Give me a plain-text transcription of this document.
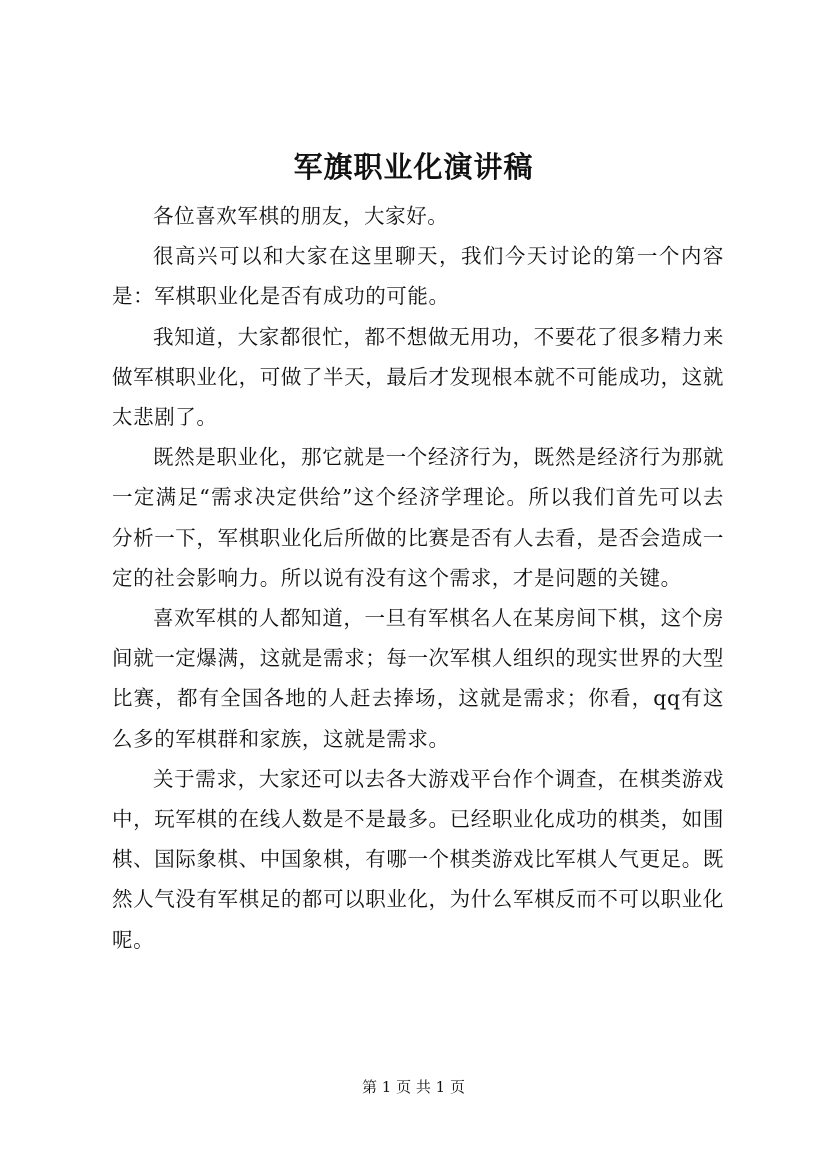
军旗职业化演讲稿

各位喜欢军棋的朋友，大家好。

很高兴可以和大家在这里聊天，我们今天讨论的第一个内容是：军棋职业化是否有成功的可能。

我知道，大家都很忙，都不想做无用功，不要花了很多精力来做军棋职业化，可做了半天，最后才发现根本就不可能成功，这就太悲剧了。

既然是职业化，那它就是一个经济行为，既然是经济行为那就一定满足“需求决定供给”这个经济学理论。所以我们首先可以去分析一下，军棋职业化后所做的比赛是否有人去看，是否会造成一定的社会影响力。所以说有没有这个需求，才是问题的关键。

喜欢军棋的人都知道，一旦有军棋名人在某房间下棋，这个房间就一定爆满，这就是需求；每一次军棋人组织的现实世界的大型比赛，都有全国各地的人赶去捧场，这就是需求；你看，qq有这么多的军棋群和家族，这就是需求。

关于需求，大家还可以去各大游戏平台作个调查，在棋类游戏中，玩军棋的在线人数是不是最多。已经职业化成功的棋类，如围棋、国际象棋、中国象棋，有哪一个棋类游戏比军棋人气更足。既然人气没有军棋足的都可以职业化，为什么军棋反而不可以职业化呢。

第 1 页 共 1 页
